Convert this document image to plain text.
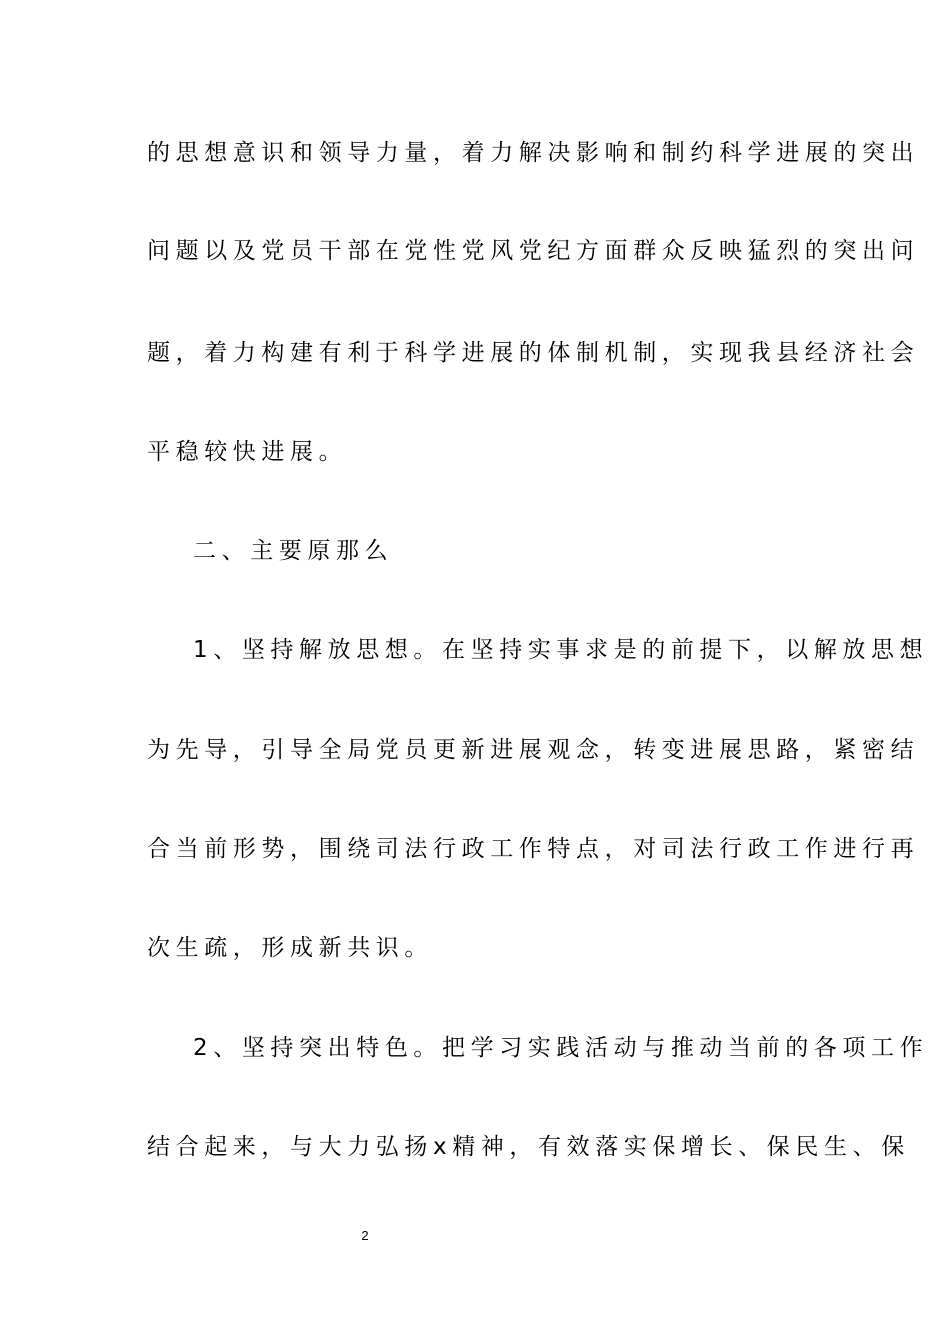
的思想意识和领导力量，着力解决影响和制约科学进展的突出
问题以及党员干部在党性党风党纪方面群众反映猛烈的突出问
题，着力构建有利于科学进展的体制机制，实现我县经济社会
平稳较快进展。
二、主要原那么
1、坚持解放思想。在坚持实事求是的前提下，以解放思想
为先导，引导全局党员更新进展观念，转变进展思路，紧密结
合当前形势，围绕司法行政工作特点，对司法行政工作进行再
次生疏，形成新共识。
2、坚持突出特色。把学习实践活动与推动当前的各项工作
结合起来，与大力弘扬x精神，有效落实保增长、保民生、保
2
